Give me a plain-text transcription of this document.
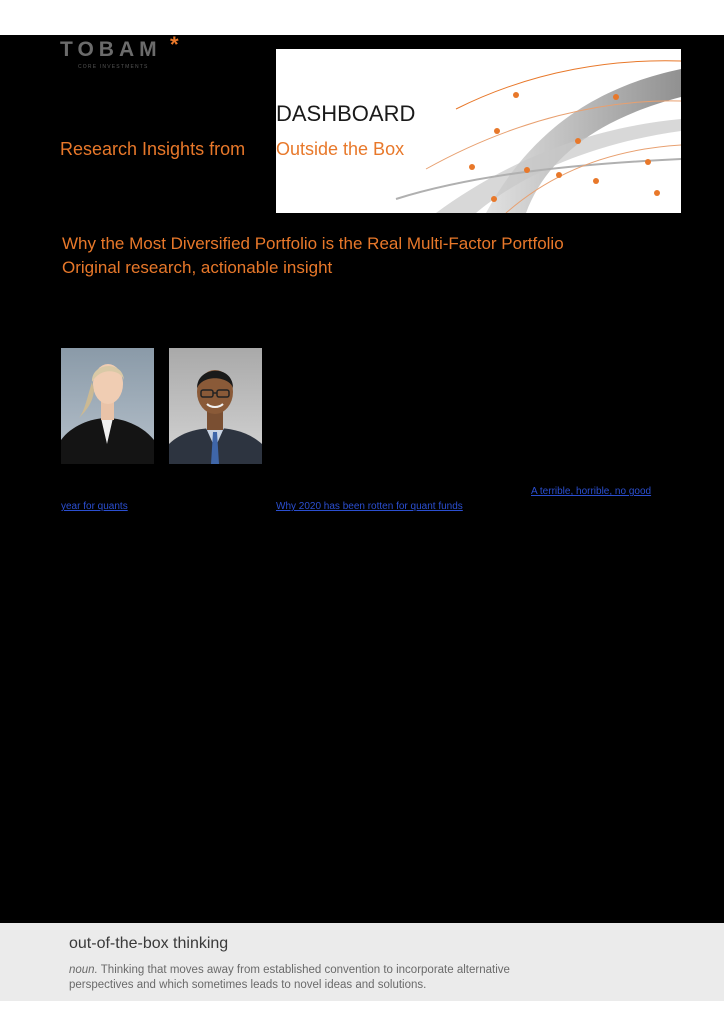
TOBAM *
CORE INVESTMENTS
DASHBOARD

Research Insights from Outside the Box
Why the Most Diversified Portfolio is the Real Multi-Factor Portfolio

Original research, actionable insight

A terrible, horrible, no good
year for quants	Why 2020 has been rotten for quant funds
out-of-the-box thinking

noun. Thinking that moves away from established convention to incorporate alternative perspectives and which sometimes leads to novel ideas and solutions.
